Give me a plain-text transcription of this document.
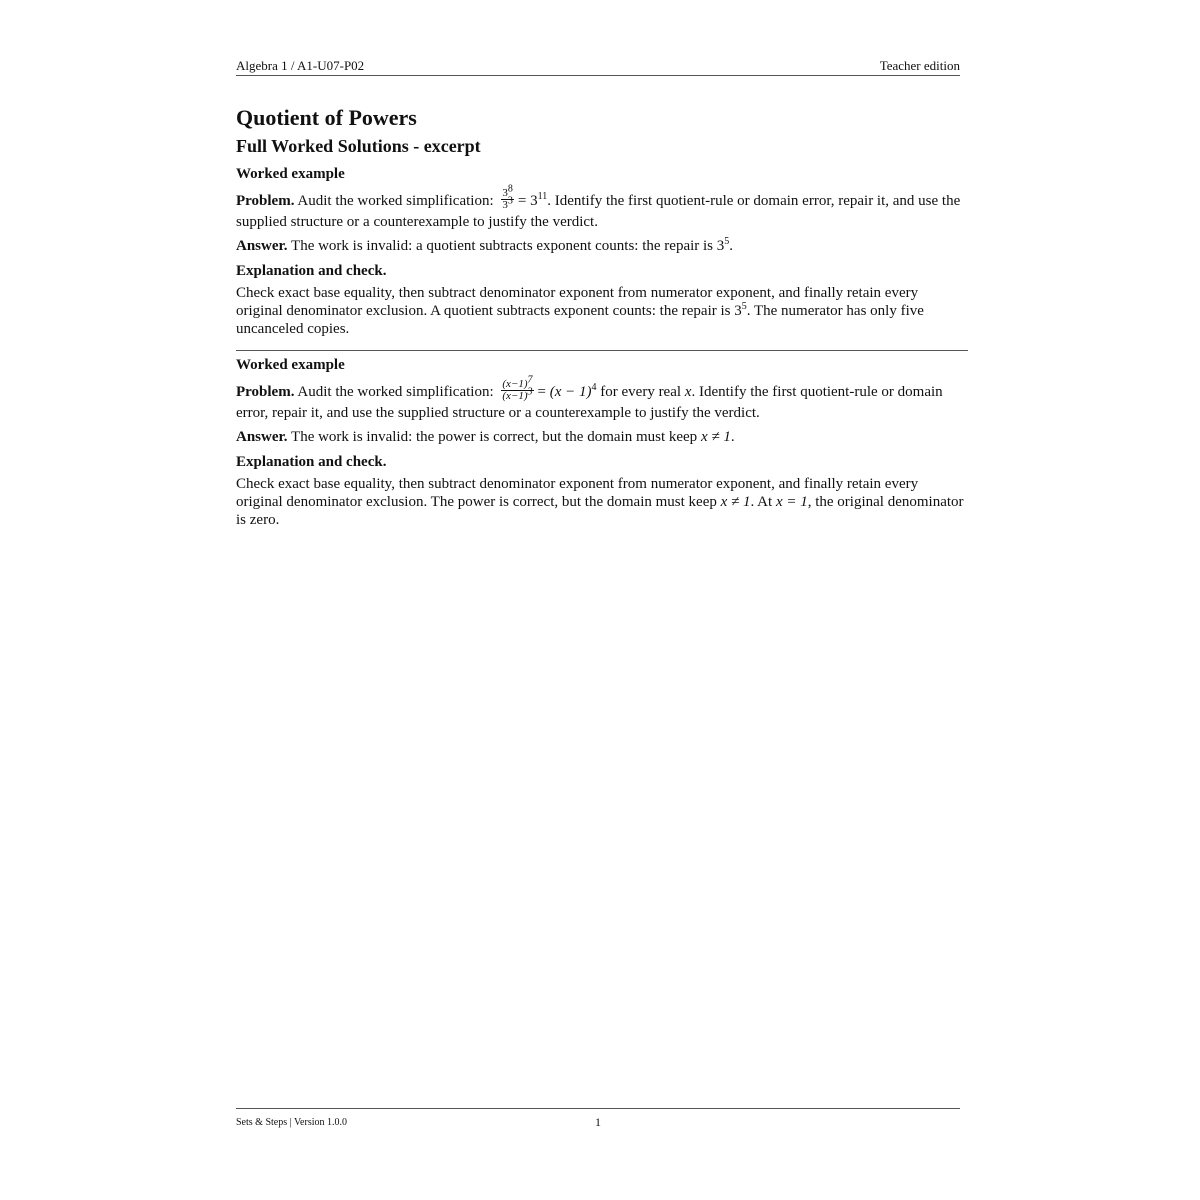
Algebra 1 / A1-U07-P02	Teacher edition
Quotient of Powers
Full Worked Solutions - excerpt
Worked example

Problem. Audit the worked simplification: $\frac{3^8}{3^3} = 3^{11}$. Identify the first quotient-rule or domain error, repair it, and use the supplied structure or a counterexample to justify the verdict.

Answer. The work is invalid: a quotient subtracts exponent counts: the repair is $3^5$.

Explanation and check.

Check exact base equality, then subtract denominator exponent from numerator exponent, and finally retain every original denominator exclusion. A quotient subtracts exponent counts: the repair is $3^5$. The numerator has only five uncanceled copies.

Worked example

Problem. Audit the worked simplification: $\frac{(x-1)^7}{(x-1)^3} = (x - 1)^4$ for every real x. Identify the first quotient-rule or domain error, repair it, and use the supplied structure or a counterexample to justify the verdict.

Answer. The work is invalid: the power is correct, but the domain must keep x ≠ 1.

Explanation and check.

Check exact base equality, then subtract denominator exponent from numerator exponent, and finally retain every original denominator exclusion. The power is correct, but the domain must keep x ≠ 1. At x = 1, the original denominator is zero.

Sets & Steps | Version 1.0.0	1
